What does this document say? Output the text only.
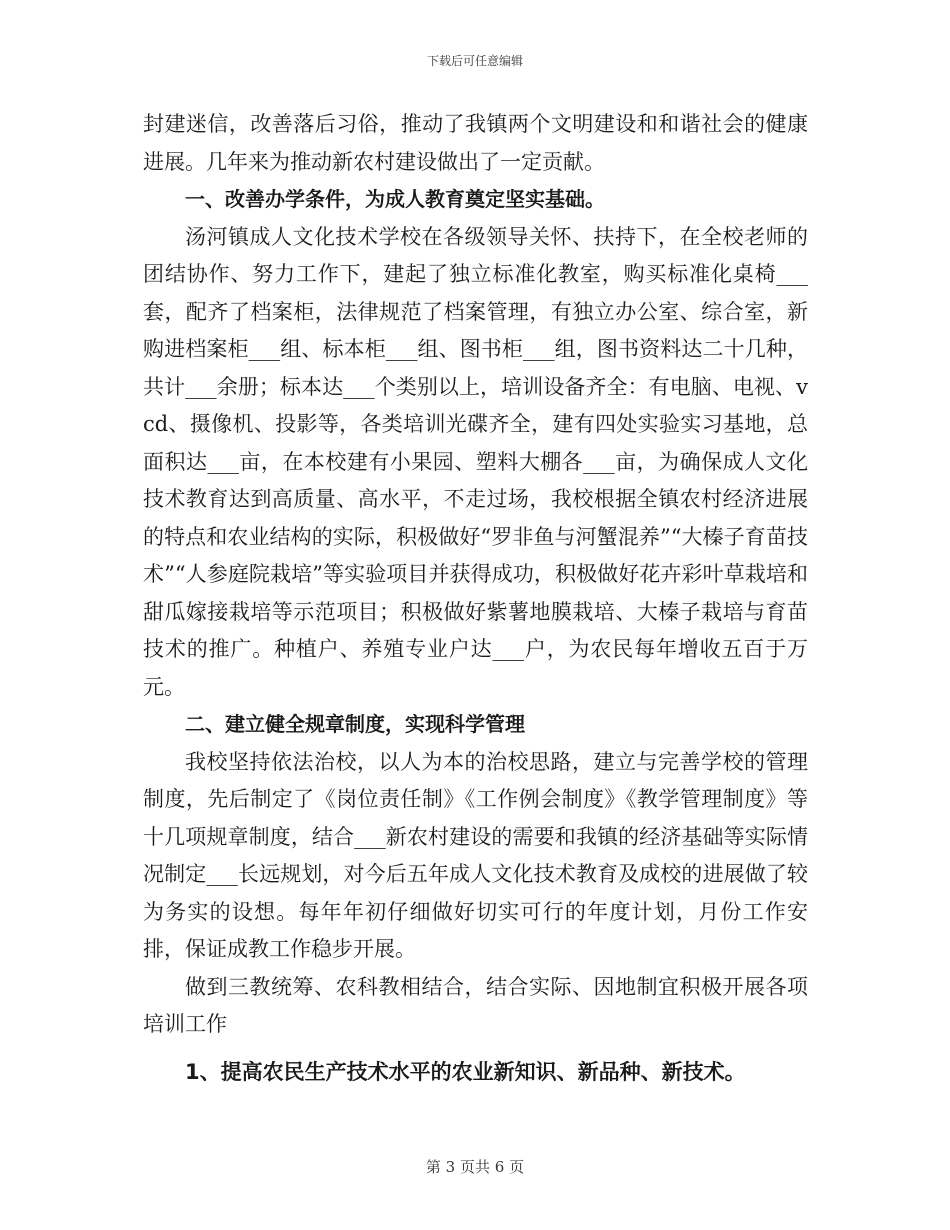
下载后可任意编辑

封建迷信，改善落后习俗，推动了我镇两个文明建设和和谐社会的健康进展。几年来为推动新农村建设做出了一定贡献。

一、改善办学条件，为成人教育奠定坚实基础。

汤河镇成人文化技术学校在各级领导关怀、扶持下，在全校老师的团结协作、努力工作下，建起了独立标准化教室，购买标准化桌椅___套，配齐了档案柜，法律规范了档案管理，有独立办公室、综合室，新购进档案柜___组、标本柜___组、图书柜___组，图书资料达二十几种，共计___余册；标本达___个类别以上，培训设备齐全：有电脑、电视、vcd、摄像机、投影等，各类培训光碟齐全，建有四处实验实习基地，总面积达___亩，在本校建有小果园、塑料大棚各___亩，为确保成人文化技术教育达到高质量、高水平，不走过场，我校根据全镇农村经济进展的特点和农业结构的实际，积极做好“罗非鱼与河蟹混养”“大榛子育苗技术”“人参庭院栽培”等实验项目并获得成功，积极做好花卉彩叶草栽培和甜瓜嫁接栽培等示范项目；积极做好紫薯地膜栽培、大榛子栽培与育苗技术的推广。种植户、养殖专业户达___户，为农民每年增收五百于万元。

二、建立健全规章制度，实现科学管理

我校坚持依法治校，以人为本的治校思路，建立与完善学校的管理制度，先后制定了《岗位责任制》《工作例会制度》《教学管理制度》等十几项规章制度，结合___新农村建设的需要和我镇的经济基础等实际情况制定___长远规划，对今后五年成人文化技术教育及成校的进展做了较为务实的设想。每年年初仔细做好切实可行的年度计划，月份工作安排，保证成教工作稳步开展。

做到三教统筹、农科教相结合，结合实际、因地制宜积极开展各项培训工作

1、提高农民生产技术水平的农业新知识、新品种、新技术。

第 3 页共 6 页
